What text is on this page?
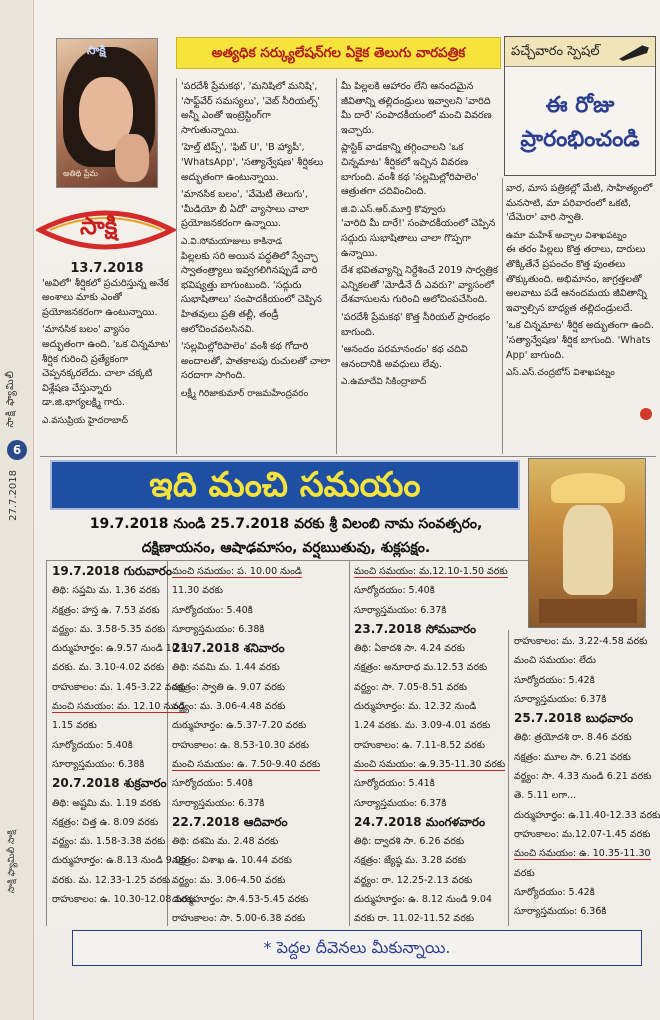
సాక్షి ఫ్యామిలీ
6
27.7.2018
సాక్షి ఫ్యామిలీ సాక్షి
సాక్షి
అతిథి ప్రేమ
సాక్షి
అత్యధిక సర్క్యులేషన్‌గల ఏకైక తెలుగు వారపత్రిక	పచ్చేవారం స్పెషల్
ఈ రోజు
ప్రారంభించండి
13.7.2018

'అవిలో' శీర్షికలో ప్రచురిస్తున్న అనేక అంశాలు మాకు ఎంతో ప్రయోజనకరంగా ఉంటున్నాయి.

'మానసిక బలం' వ్యాసం అద్భుతంగా ఉంది. 'ఒక చిన్నమాట' శీర్షిక గురించి ప్రత్యేకంగా చెప్పనక్కరలేదు. చాలా చక్కటి విశ్లేషణ చేస్తున్నారు డా.జి.భాగ్యలక్ష్మి గారు.

ఎ.వసుప్రియ హైదరాబాద్

'పరదేశీ ప్రేమకథ', 'మనిషిలో మనిషి', 'సాఫ్ట్‌వేర్ సమస్యలు', 'వెబ్ సీరియల్స్' అన్నీ ఎంతో ఇంట్రెస్టింగ్‌గా సాగుతున్నాయి.

'హెల్త్ టిప్స్', 'ఫిట్ U', 'B హ్యాపీ', 'WhatsApp', 'సత్యాన్వేషణ' శీర్షికలు అద్భుతంగా ఉంటున్నాయి.

'మానసిక బలం', 'వేమెటీ తెలుగు', 'మీడియో బీ ఏదో' వ్యాసాలు చాలా ప్రయోజనకరంగా ఉన్నాయి.

ఎ.వి.సోమయాజులు కాకినాడ

పిల్లలకు సరి అయిన పద్ధతిలో స్వేచ్ఛా స్వాతంత్ర్యాలు ఇవ్వగలిగినప్పుడే వారి భవిష్యత్తు బాగుంటుంది. 'సద్గురు సుభాషితాలు' సంపాదకీయంలో చెప్పిన హితవులు ప్రతి తల్లీ, తండ్రీ ఆలోచించవలసినవి.

'సల్లమిల్లోరిపాలెం' వంశీ కథ గోదారి అందాలతో, పాతకాలపు రుచులతో చాలా సరదాగా సాగింది.

లక్ష్మీ గిరిజాకుమార్ రాజమహేంద్రవరం

మీ పిల్లలకి ఆహారం లేని ఆనందమైన జీవితాన్ని తల్లిదండ్రులు ఇవ్వాలని 'వారిది మీ దారే' సంపాదకీయంలో మంచి వివరణ ఇచ్చారు.

ప్లాస్టిక్ వాడకాన్ని తగ్గించాలని 'ఒక చిన్నమాట' శీర్షికలో ఇచ్చిన వివరణ బాగుంది. వంశీ కథ 'సల్లమిల్లోరిపాలెం' ఆత్రుతగా చదివించింది.

జి.వి.ఎస్.ఆర్.మూర్తి కొవ్వూరు

'వారిది మీ దారే!' సంపాదకీయంలో చెప్పిన సద్గురు సుభాషితాలు చాలా గొప్పగా ఉన్నాయి.

దేశ భవితవ్యాన్ని నిర్దేశించే 2019 సార్వత్రిక ఎన్నికలతో 'మోడీనే దీ ఎవరు?' వ్యాసంలో దేశవాసులను గురించి ఆలోచింపచేసింది.

'పరదేశీ ప్రేమకథ' కొత్త సీరియల్ ప్రారంభం బాగుంది.

'ఆనందం పరమానందం' కథ చదివి ఆనందానికి అవధులు లేవు.

ఎ.ఉమాదేవి సికింద్రాబాద్

వార, మాస పత్రికల్లో మేటి, సాహిత్యంలో మనసాటి, మా పరివారంలో ఒకటి, 'దేమెరా' వారి స్వాతి.

ఉమా మహేశ్ అచ్చాల విశాఖపట్నం

ఈ తరం పిల్లలు కొత్త తరాలు, దారులు తొక్కితేనే ప్రపంచం కొత్త పుంతలు తొక్కుతుంది. అభిమానం, జాగ్రత్తలతో అలవాటు పడే ఆనందమయ జీవితాన్ని ఇవ్వాల్సిన బాధ్యత తల్లిదండ్రులదే.

'ఒక చిన్నమాట' శీర్షిక అద్భుతంగా ఉంది. 'సత్యాన్వేషణ' శీర్షిక బాగుంది. 'Whats App' బాగుంది.

ఎస్.ఎస్.చంద్రబోస్ విశాఖపట్నం
ఇది మంచి సమయం
19.7.2018 నుండి 25.7.2018 వరకు శ్రీ విలంబి నామ సంవత్సరం,
దక్షిణాయనం, ఆషాఢమాసం, వర్షఋతువు, శుక్లపక్షం.
19.7.2018 గురువారం
తిథి: సప్తమి మ. 1.36 వరకు
నక్షత్రం: హస్త ఉ. 7.53 వరకు
వర్జ్యం: మ. 3.58-5.35 వరకు
దుర్ముహూర్తం: ఉ.9.57 నుండి 10.49
వరకు. మ. 3.10-4.02 వరకు
రాహుకాలం: మ. 1.45-3.22 వరకు
మంచి సమయం: మ. 12.10 నుండి
1.15 వరకు
సూర్యోదయం: 5.40కి
సూర్యాస్తమయం: 6.38కి
20.7.2018 శుక్రవారం
తిథి: అష్టమి మ. 1.19 వరకు
నక్షత్రం: చిత్త ఉ. 8.09 వరకు
వర్జ్యం: మ. 1.58-3.38 వరకు
దుర్ముహూర్తం: ఉ.8.13 నుండి 9.05
వరకు. మ. 12.33-1.25 వరకు
రాహుకాలం: ఉ. 10.30-12.08 వరకు
మంచి సమయం: ప. 10.00 నుండి
11.30 వరకు
సూర్యోదయం: 5.40కి
సూర్యాస్తమయం: 6.38కి
21.7.2018 శనివారం
తిథి: నవమి మ. 1.44 వరకు
నక్షత్రం: స్వాతి ఉ. 9.07 వరకు
వర్జ్యం: మ. 3.06-4.48 వరకు
దుర్ముహూర్తం: ఉ.5.37-7.20 వరకు
రాహుకాలం: ఉ. 8.53-10.30 వరకు
మంచి సమయం: ఉ. 7.50-9.40 వరకు
సూర్యోదయం: 5.40కి
సూర్యాస్తమయం: 6.37కి
22.7.2018 ఆదివారం
తిథి: దశమి మ. 2.48 వరకు
నక్షత్రం: విశాఖ ఉ. 10.44 వరకు
వర్జ్యం: మ. 3.06-4.50 వరకు
దుర్ముహూర్తం: సా.4.53-5.45 వరకు
రాహుకాలం: సా. 5.00-6.38 వరకు
మంచి సమయం: మ.12.10-1.50 వరకు
సూర్యోదయం: 5.40కి
సూర్యాస్తమయం: 6.37కి
23.7.2018 సోమవారం
తిథి: ఏకాదశి సా. 4.24 వరకు
నక్షత్రం: అనూరాధ మ.12.53 వరకు
వర్జ్యం: సా. 7.05-8.51 వరకు
దుర్ముహూర్తం: మ. 12.32 నుండి
1.24 వరకు. మ. 3.09-4.01 వరకు
రాహుకాలం: ఉ. 7.11-8.52 వరకు
మంచి సమయం: ఉ.9.35-11.30 వరకు
సూర్యోదయం: 5.41కి
సూర్యాస్తమయం: 6.37కి
24.7.2018 మంగళవారం
తిథి: ద్వాదశి సా. 6.26 వరకు
నక్షత్రం: జ్యేష్ఠ మ. 3.28 వరకు
వర్జ్యం: రా. 12.25-2.13 వరకు
దుర్ముహూర్తం: ఉ. 8.12 నుండి 9.04
వరకు రా. 11.02-11.52 వరకు
రాహుకాలం: మ. 3.22-4.58 వరకు
మంచి సమయం: లేదు
సూర్యోదయం: 5.42కి
సూర్యాస్తమయం: 6.37కి
25.7.2018 బుధవారం
తిథి: త్రయోదశి రా. 8.46 వరకు
నక్షత్రం: మూల సా. 6.21 వరకు
వర్జ్యం: సా. 4.33 నుండి 6.21 వరకు
తె. 5.11 లగా...
దుర్ముహూర్తం: ఉ.11.40-12.33 వరకు
రాహుకాలం: మ.12.07-1.45 వరకు
మంచి సమయం: ఉ. 10.35-11.30
వరకు
సూర్యోదయం: 5.42కి
సూర్యాస్తమయం: 6.36కి
* పెద్దల దీవెనలు మీకున్నాయి.
